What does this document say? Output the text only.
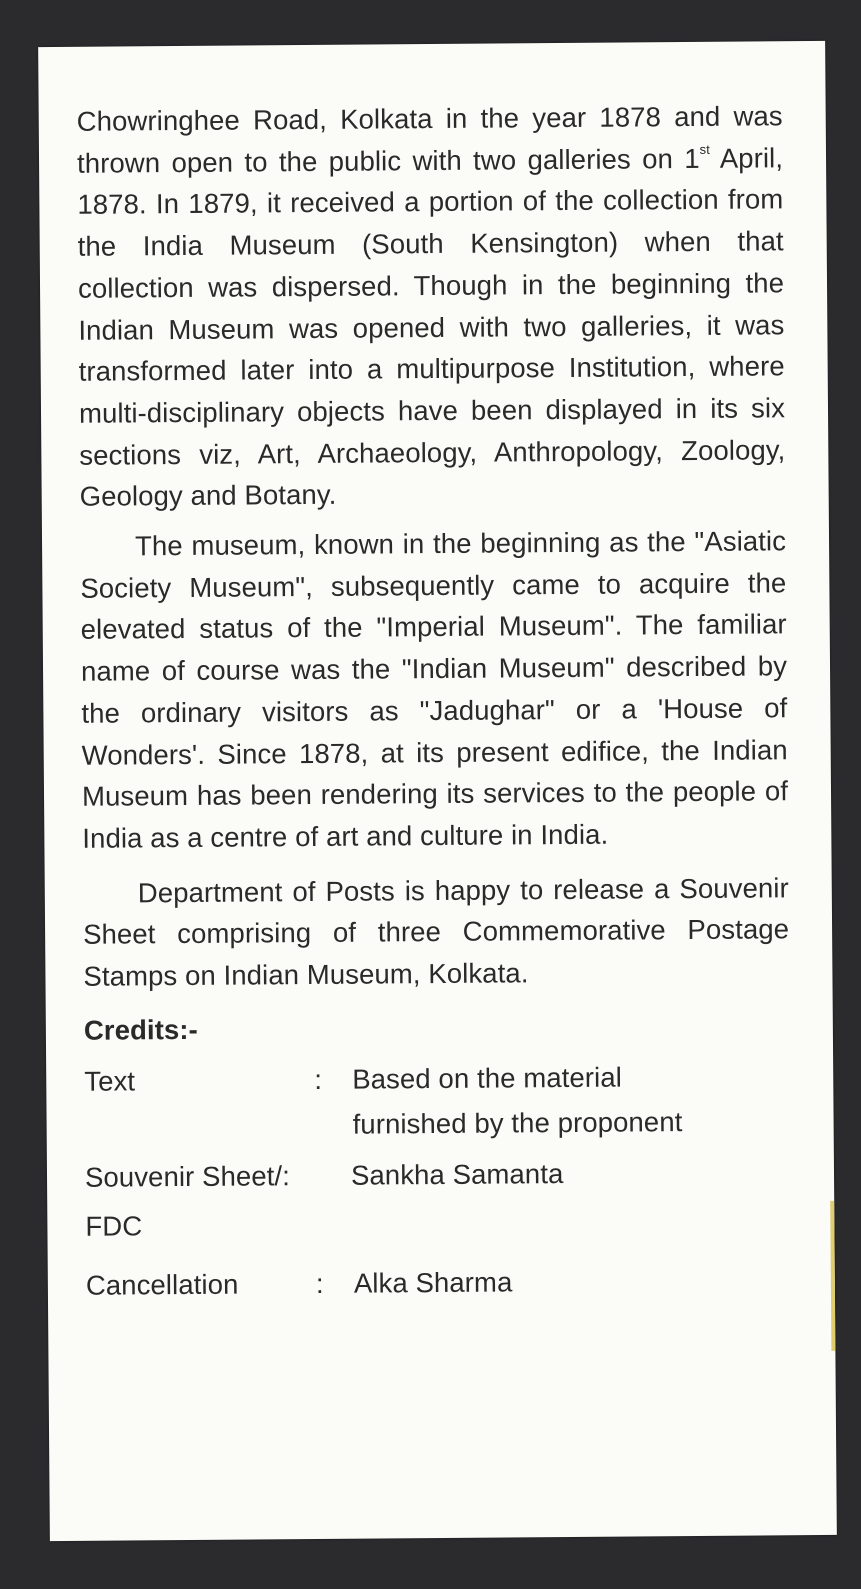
Chowringhee Road, Kolkata in the year 1878 and was thrown open to the public with two galleries on 1st April, 1878. In 1879, it received a portion of the collection from the India Museum (South Kensington) when that collection was dispersed. Though in the beginning the Indian Museum was opened with two galleries, it was transformed later into a multipurpose Institution, where multi-disciplinary objects have been displayed in its six sections viz, Art, Archaeology, Anthropology, Zoology, Geology and Botany.

The museum, known in the beginning as the "Asiatic Society Museum", subsequently came to acquire the elevated status of the "Imperial Museum". The familiar name of course was the "Indian Museum" described by the ordinary visitors as "Jadughar" or a 'House of Wonders'. Since 1878, at its present edifice, the Indian Museum has been rendering its services to the people of India as a centre of art and culture in India.

Department of Posts is happy to release a Souvenir Sheet comprising of three Commemorative Postage Stamps on Indian Museum, Kolkata.

Credits:-

Text	:	Based on the material
furnished by the proponent
Souvenir Sheet/:	Sankha Samanta
FDC
Cancellation	:	Alka Sharma
